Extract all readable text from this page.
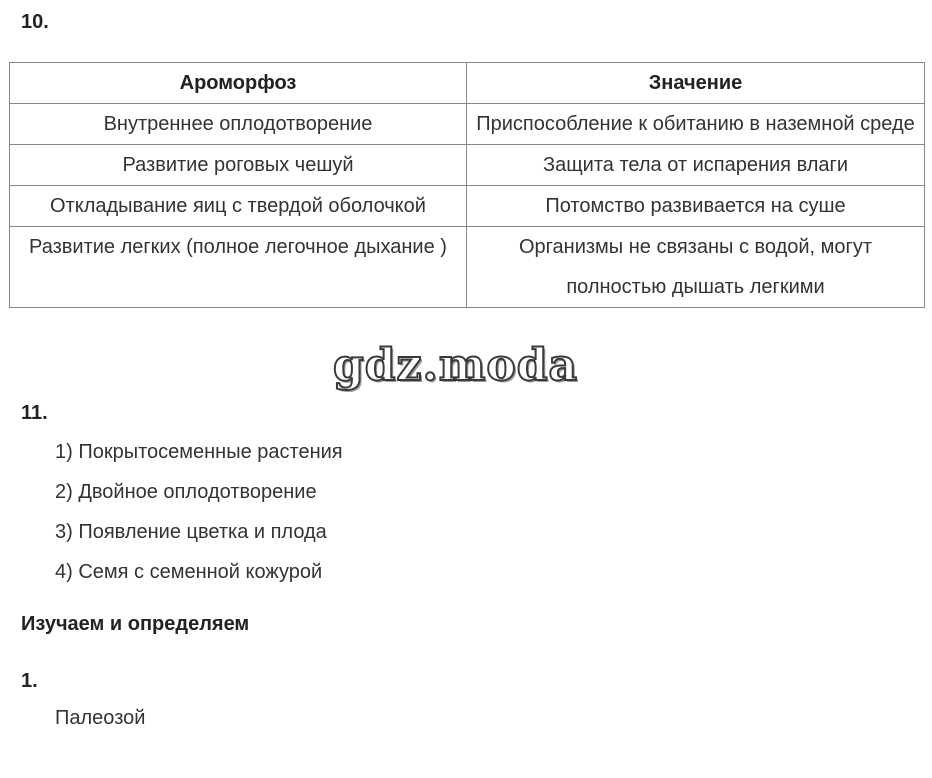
10.
Ароморфоз	Значение
Внутреннее оплодотворение	Приспособление к обитанию в наземной среде
Развитие роговых чешуй	Защита тела от испарения влаги
Откладывание яиц с твердой оболочкой	Потомство развивается на суше
Развитие легких (полное легочное дыхание )	Организмы не связаны с водой, могут полностью дышать легкими
gdz.moda
11.
1) Покрытосеменные растения
2) Двойное оплодотворение
3) Появление цветка и плода
4) Семя с семенной кожурой
Изучаем и определяем
1.
Палеозой
